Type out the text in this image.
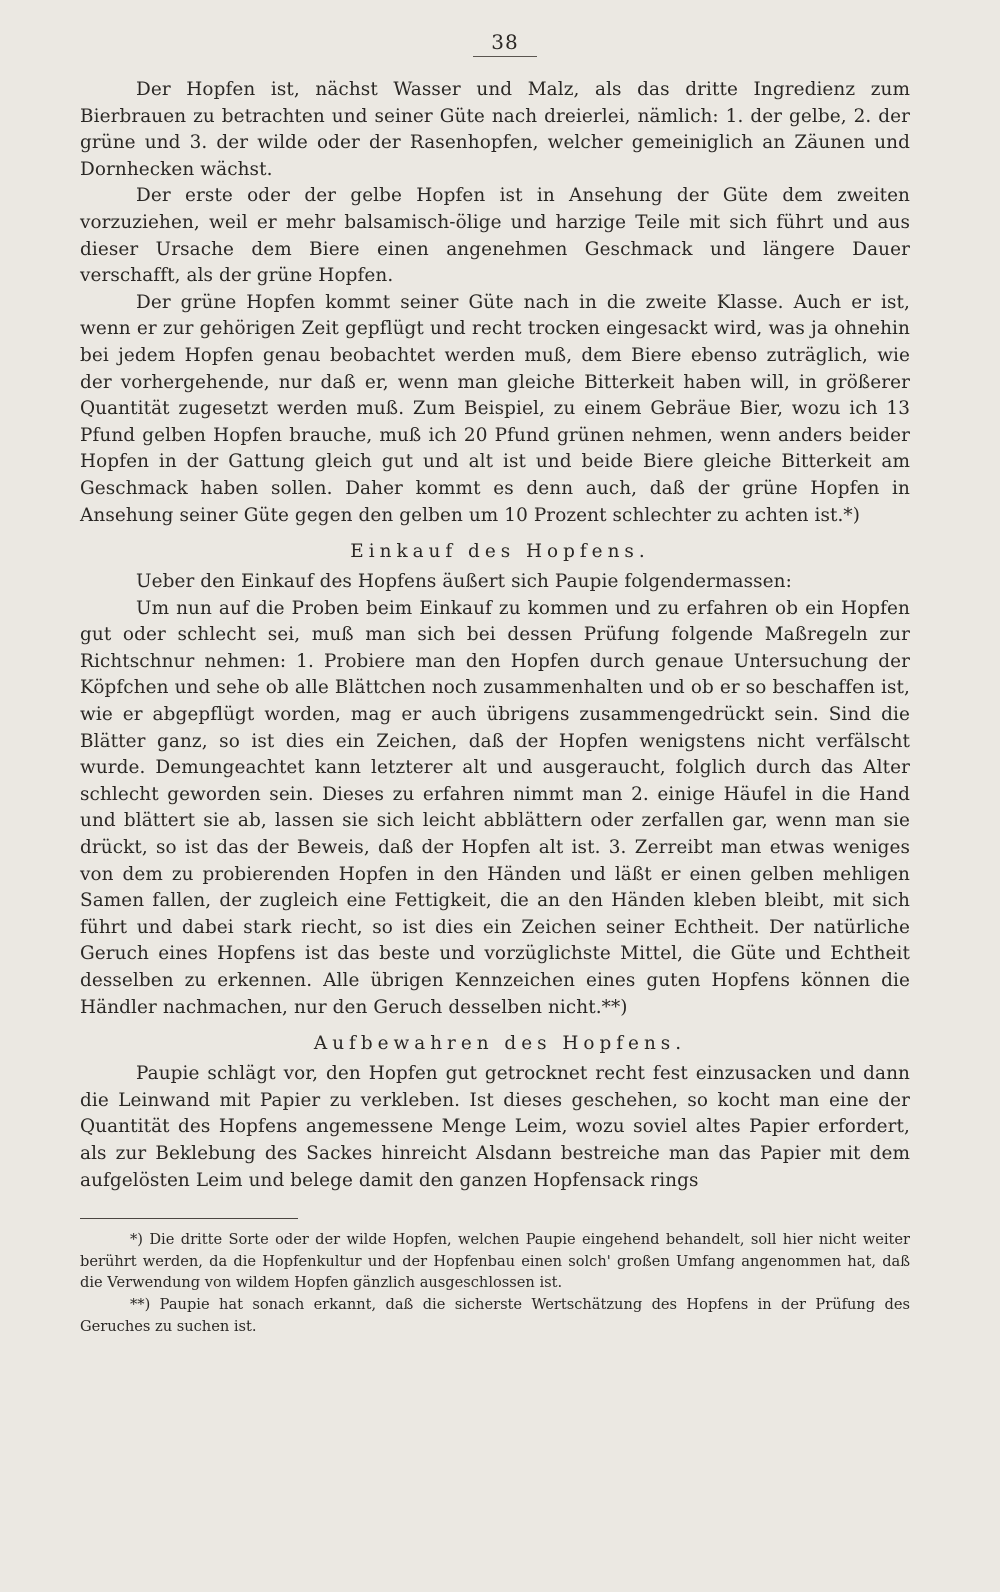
38

Der Hopfen ist, nächst Wasser und Malz, als das dritte Ingredienz zum Bierbrauen zu betrachten und seiner Güte nach dreierlei, nämlich: 1. der gelbe, 2. der grüne und 3. der wilde oder der Rasenhopfen, welcher gemeiniglich an Zäunen und Dornhecken wächst.

Der erste oder der gelbe Hopfen ist in Ansehung der Güte dem zweiten vorzuziehen, weil er mehr balsamisch-ölige und harzige Teile mit sich führt und aus dieser Ursache dem Biere einen angenehmen Geschmack und längere Dauer verschafft, als der grüne Hopfen.

Der grüne Hopfen kommt seiner Güte nach in die zweite Klasse. Auch er ist, wenn er zur gehörigen Zeit gepflügt und recht trocken eingesackt wird, was ja ohnehin bei jedem Hopfen genau beobachtet werden muß, dem Biere ebenso zuträglich, wie der vorhergehende, nur daß er, wenn man gleiche Bitterkeit haben will, in größerer Quantität zugesetzt werden muß. Zum Beispiel, zu einem Gebräue Bier, wozu ich 13 Pfund gelben Hopfen brauche, muß ich 20 Pfund grünen nehmen, wenn anders beider Hopfen in der Gattung gleich gut und alt ist und beide Biere gleiche Bitterkeit am Geschmack haben sollen. Daher kommt es denn auch, daß der grüne Hopfen in Ansehung seiner Güte gegen den gelben um 10 Prozent schlechter zu achten ist.*)

Einkauf des Hopfens.

Ueber den Einkauf des Hopfens äußert sich Paupie folgendermassen:

Um nun auf die Proben beim Einkauf zu kommen und zu erfahren ob ein Hopfen gut oder schlecht sei, muß man sich bei dessen Prüfung folgende Maßregeln zur Richtschnur nehmen: 1. Probiere man den Hopfen durch genaue Untersuchung der Köpfchen und sehe ob alle Blättchen noch zusammenhalten und ob er so beschaffen ist, wie er abgepflügt worden, mag er auch übrigens zusammengedrückt sein. Sind die Blätter ganz, so ist dies ein Zeichen, daß der Hopfen wenigstens nicht verfälscht wurde. Demungeachtet kann letzterer alt und ausgeraucht, folglich durch das Alter schlecht geworden sein. Dieses zu erfahren nimmt man 2. einige Häufel in die Hand und blättert sie ab, lassen sie sich leicht abblättern oder zerfallen gar, wenn man sie drückt, so ist das der Beweis, daß der Hopfen alt ist. 3. Zerreibt man etwas weniges von dem zu probierenden Hopfen in den Händen und läßt er einen gelben mehligen Samen fallen, der zugleich eine Fettigkeit, die an den Händen kleben bleibt, mit sich führt und dabei stark riecht, so ist dies ein Zeichen seiner Echtheit. Der natürliche Geruch eines Hopfens ist das beste und vorzüglichste Mittel, die Güte und Echtheit desselben zu erkennen. Alle übrigen Kennzeichen eines guten Hopfens können die Händler nachmachen, nur den Geruch desselben nicht.**)

Aufbewahren des Hopfens.

Paupie schlägt vor, den Hopfen gut getrocknet recht fest einzusacken und dann die Leinwand mit Papier zu verkleben. Ist dieses geschehen, so kocht man eine der Quantität des Hopfens angemessene Menge Leim, wozu soviel altes Papier erfordert, als zur Beklebung des Sackes hinreicht Alsdann bestreiche man das Papier mit dem aufgelösten Leim und belege damit den ganzen Hopfensack rings

*) Die dritte Sorte oder der wilde Hopfen, welchen Paupie eingehend behandelt, soll hier nicht weiter berührt werden, da die Hopfenkultur und der Hopfenbau einen solch' großen Umfang angenommen hat, daß die Verwendung von wildem Hopfen gänzlich ausgeschlossen ist.

**) Paupie hat sonach erkannt, daß die sicherste Wertschätzung des Hopfens in der Prüfung des Geruches zu suchen ist.
